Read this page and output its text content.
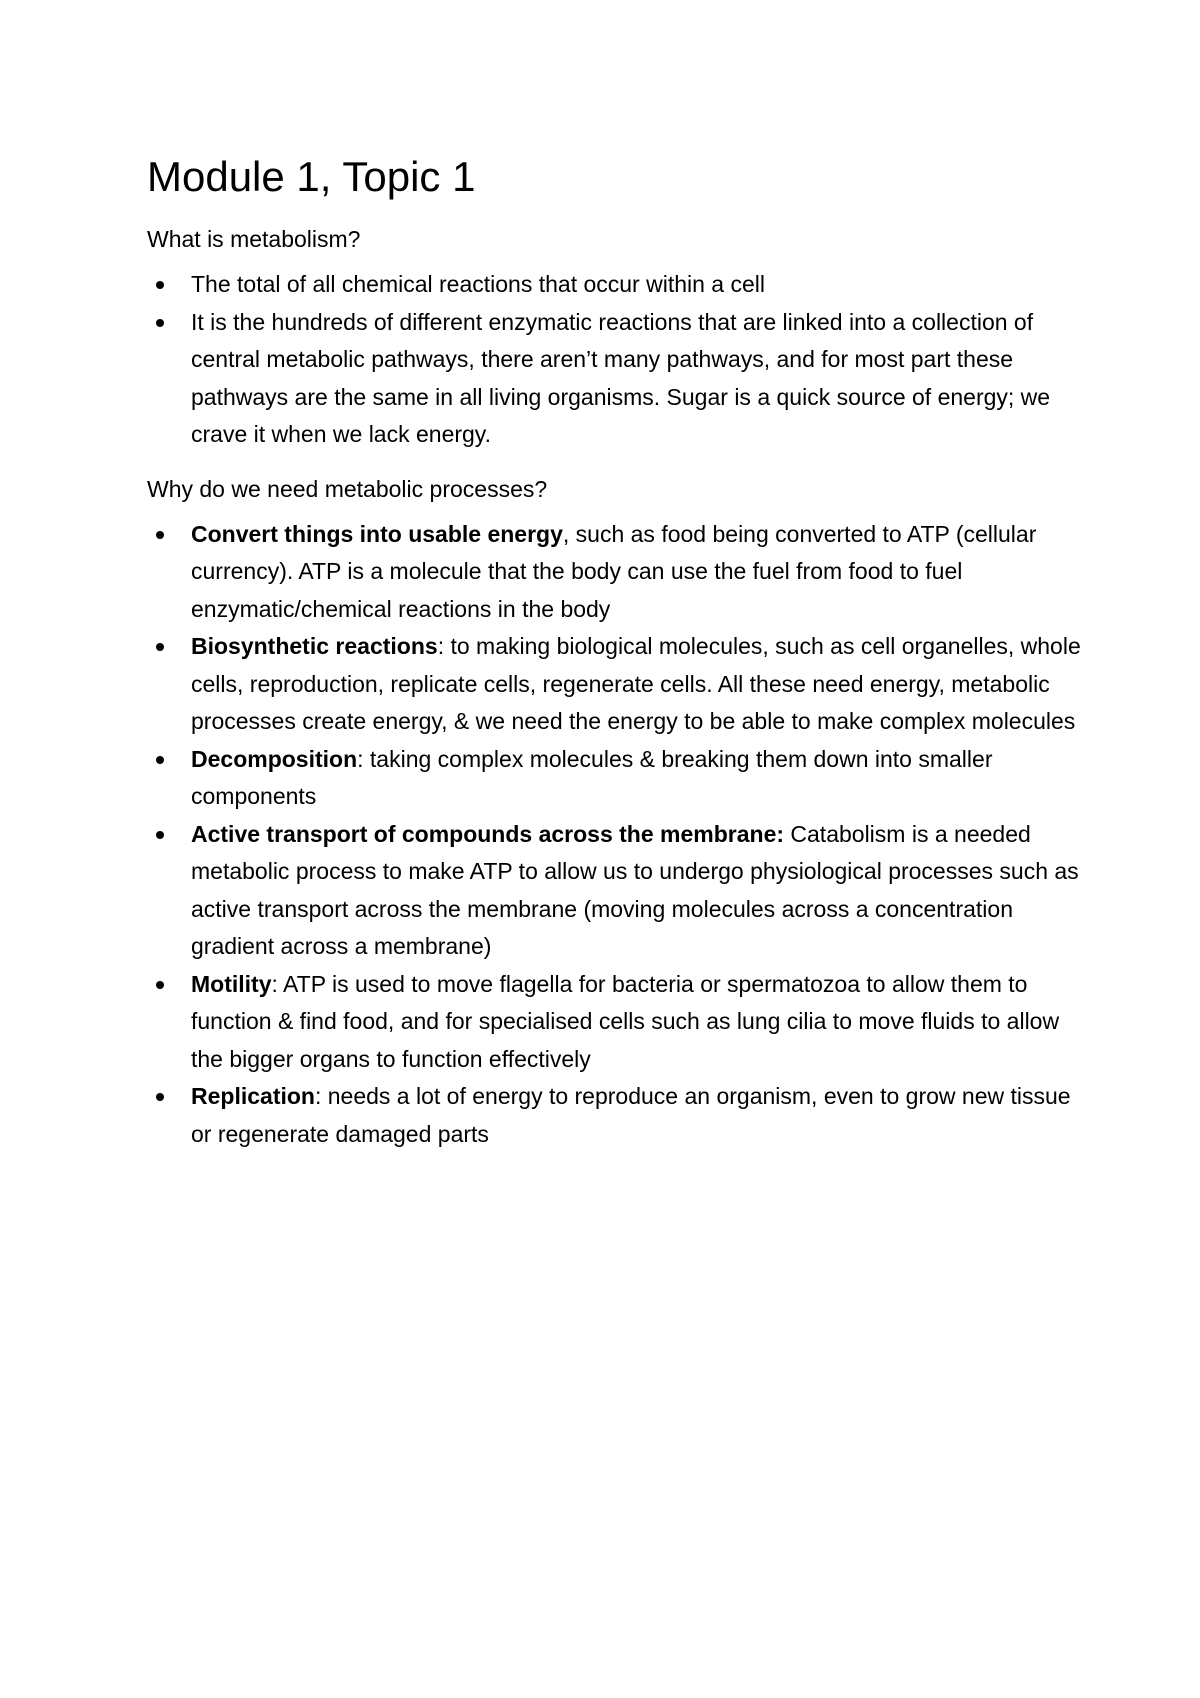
Module 1, Topic 1
What is metabolism?
The total of all chemical reactions that occur within a cell
It is the hundreds of different enzymatic reactions that are linked into a collection of central metabolic pathways, there aren’t many pathways, and for most part these pathways are the same in all living organisms. Sugar is a quick source of energy; we crave it when we lack energy.
Why do we need metabolic processes?
Convert things into usable energy, such as food being converted to ATP (cellular currency). ATP is a molecule that the body can use the fuel from food to fuel enzymatic/chemical reactions in the body
Biosynthetic reactions: to making biological molecules, such as cell organelles, whole cells, reproduction, replicate cells, regenerate cells. All these need energy, metabolic processes create energy, & we need the energy to be able to make complex molecules
Decomposition: taking complex molecules & breaking them down into smaller components
Active transport of compounds across the membrane: Catabolism is a needed metabolic process to make ATP to allow us to undergo physiological processes such as active transport across the membrane (moving molecules across a concentration gradient across a membrane)
Motility: ATP is used to move flagella for bacteria or spermatozoa to allow them to function & find food, and for specialised cells such as lung cilia to move fluids to allow the bigger organs to function effectively
Replication: needs a lot of energy to reproduce an organism, even to grow new tissue or regenerate damaged parts
